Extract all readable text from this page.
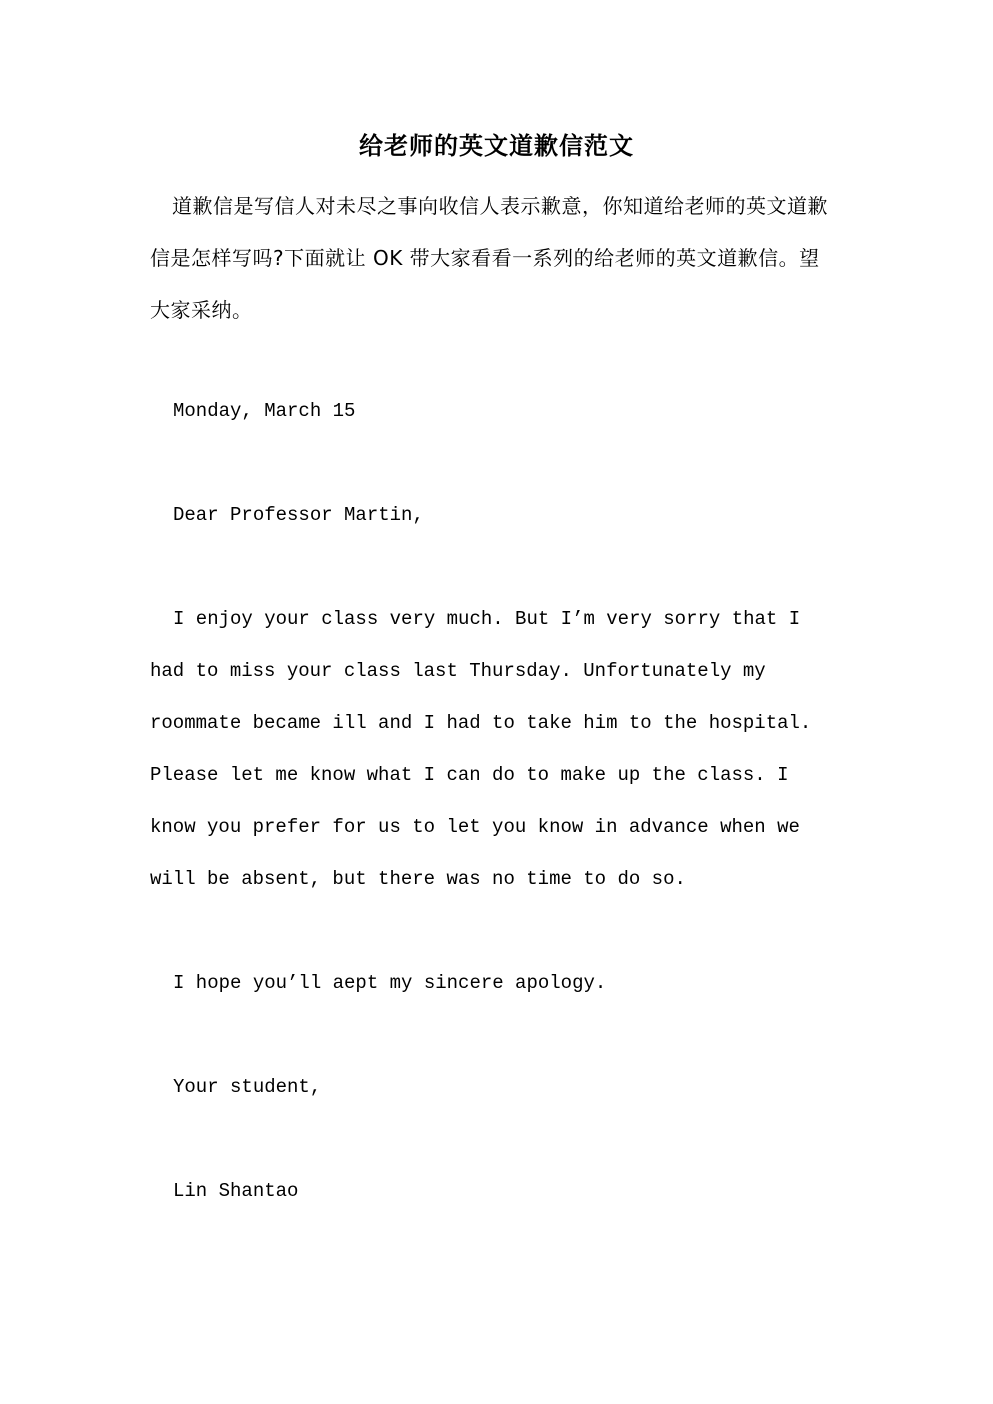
给老师的英文道歉信范文
道歉信是写信人对未尽之事向收信人表示歉意，你知道给老师的英文道歉信是怎样写吗?下面就让 OK 带大家看看一系列的给老师的英文道歉信。望大家采纳。
Monday, March 15
Dear Professor Martin,
I enjoy your class very much. But I’m very sorry that I
had to miss your class last Thursday. Unfortunately my
roommate became ill and I had to take him to the hospital.
Please let me know what I can do to make up the class. I
know you prefer for us to let you know in advance when we
will be absent, but there was no time to do so.
I hope you’ll aept my sincere apology.
Your student,
Lin Shantao
